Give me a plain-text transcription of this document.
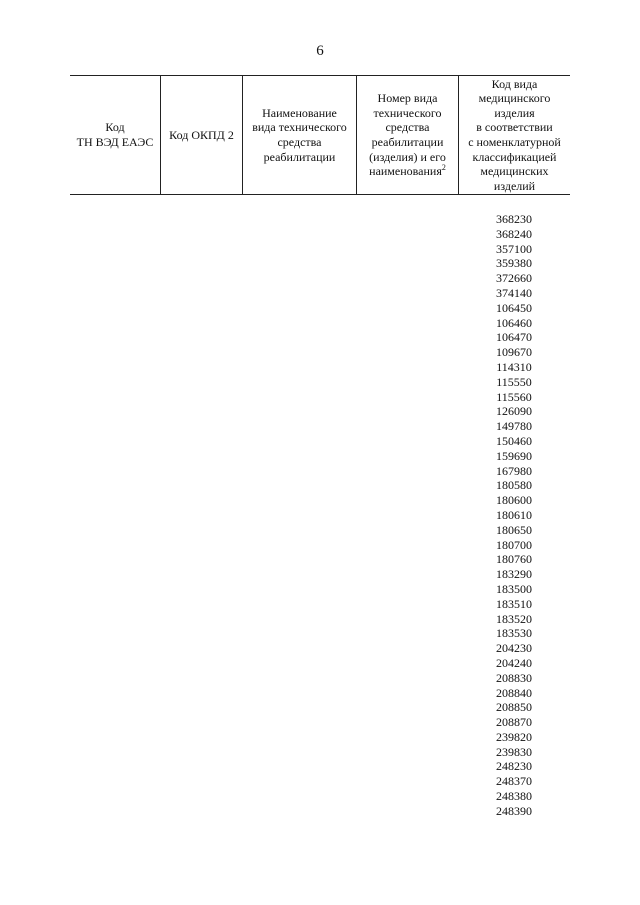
6
Код
ТН ВЭД ЕАЭС
Код ОКПД 2
Наименование
вида технического
средства
реабилитации
Номер вида
технического
средства
реабилитации
(изделия) и его
наименования$^2$
Код вида
медицинского
изделия
в соответствии
с номенклатурной
классификацией
медицинских
изделий
368230
368240
357100
359380
372660
374140
106450
106460
106470
109670
114310
115550
115560
126090
149780
150460
159690
167980
180580
180600
180610
180650
180700
180760
183290
183500
183510
183520
183530
204230
204240
208830
208840
208850
208870
239820
239830
248230
248370
248380
248390
